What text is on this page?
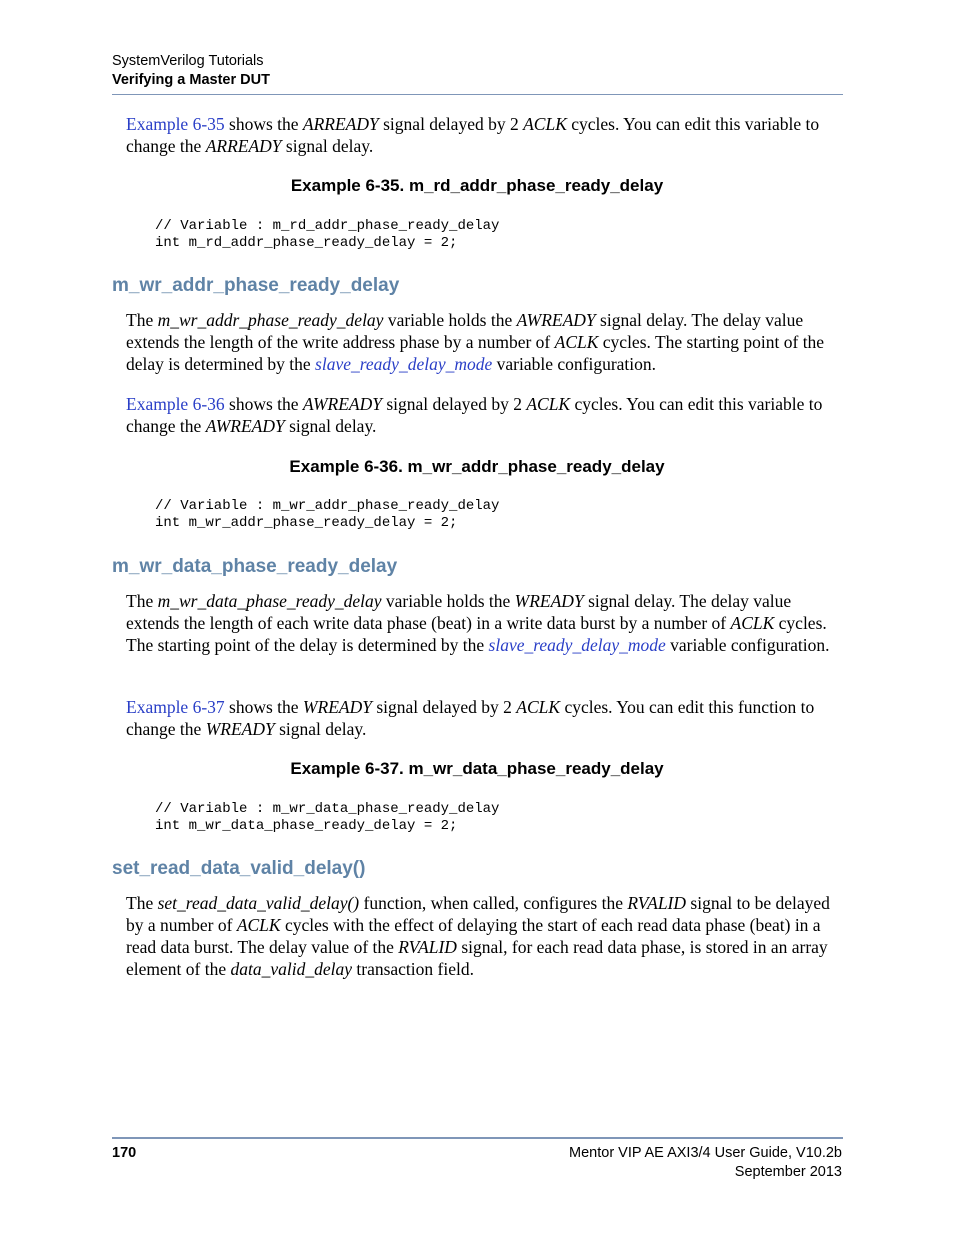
SystemVerilog Tutorials
Verifying a Master DUT
Example 6-35 shows the ARREADY signal delayed by 2 ACLK cycles. You can edit this variable to change the ARREADY signal delay.
Example 6-35. m_rd_addr_phase_ready_delay
// Variable : m_rd_addr_phase_ready_delay
int m_rd_addr_phase_ready_delay = 2;
m_wr_addr_phase_ready_delay
The m_wr_addr_phase_ready_delay variable holds the AWREADY signal delay. The delay value extends the length of the write address phase by a number of ACLK cycles. The starting point of the delay is determined by the slave_ready_delay_mode variable configuration.
Example 6-36 shows the AWREADY signal delayed by 2 ACLK cycles. You can edit this variable to change the AWREADY signal delay.
Example 6-36. m_wr_addr_phase_ready_delay
// Variable : m_wr_addr_phase_ready_delay
int m_wr_addr_phase_ready_delay = 2;
m_wr_data_phase_ready_delay
The m_wr_data_phase_ready_delay variable holds the WREADY signal delay. The delay value extends the length of each write data phase (beat) in a write data burst by a number of ACLK cycles. The starting point of the delay is determined by the slave_ready_delay_mode variable configuration.
Example 6-37 shows the WREADY signal delayed by 2 ACLK cycles. You can edit this function to change the WREADY signal delay.
Example 6-37. m_wr_data_phase_ready_delay
// Variable : m_wr_data_phase_ready_delay
int m_wr_data_phase_ready_delay = 2;
set_read_data_valid_delay()
The set_read_data_valid_delay() function, when called, configures the RVALID signal to be delayed by a number of ACLK cycles with the effect of delaying the start of each read data phase (beat) in a read data burst. The delay value of the RVALID signal, for each read data phase, is stored in an array element of the data_valid_delay transaction field.
170	Mentor VIP AE AXI3/4 User Guide, V10.2b
September 2013
